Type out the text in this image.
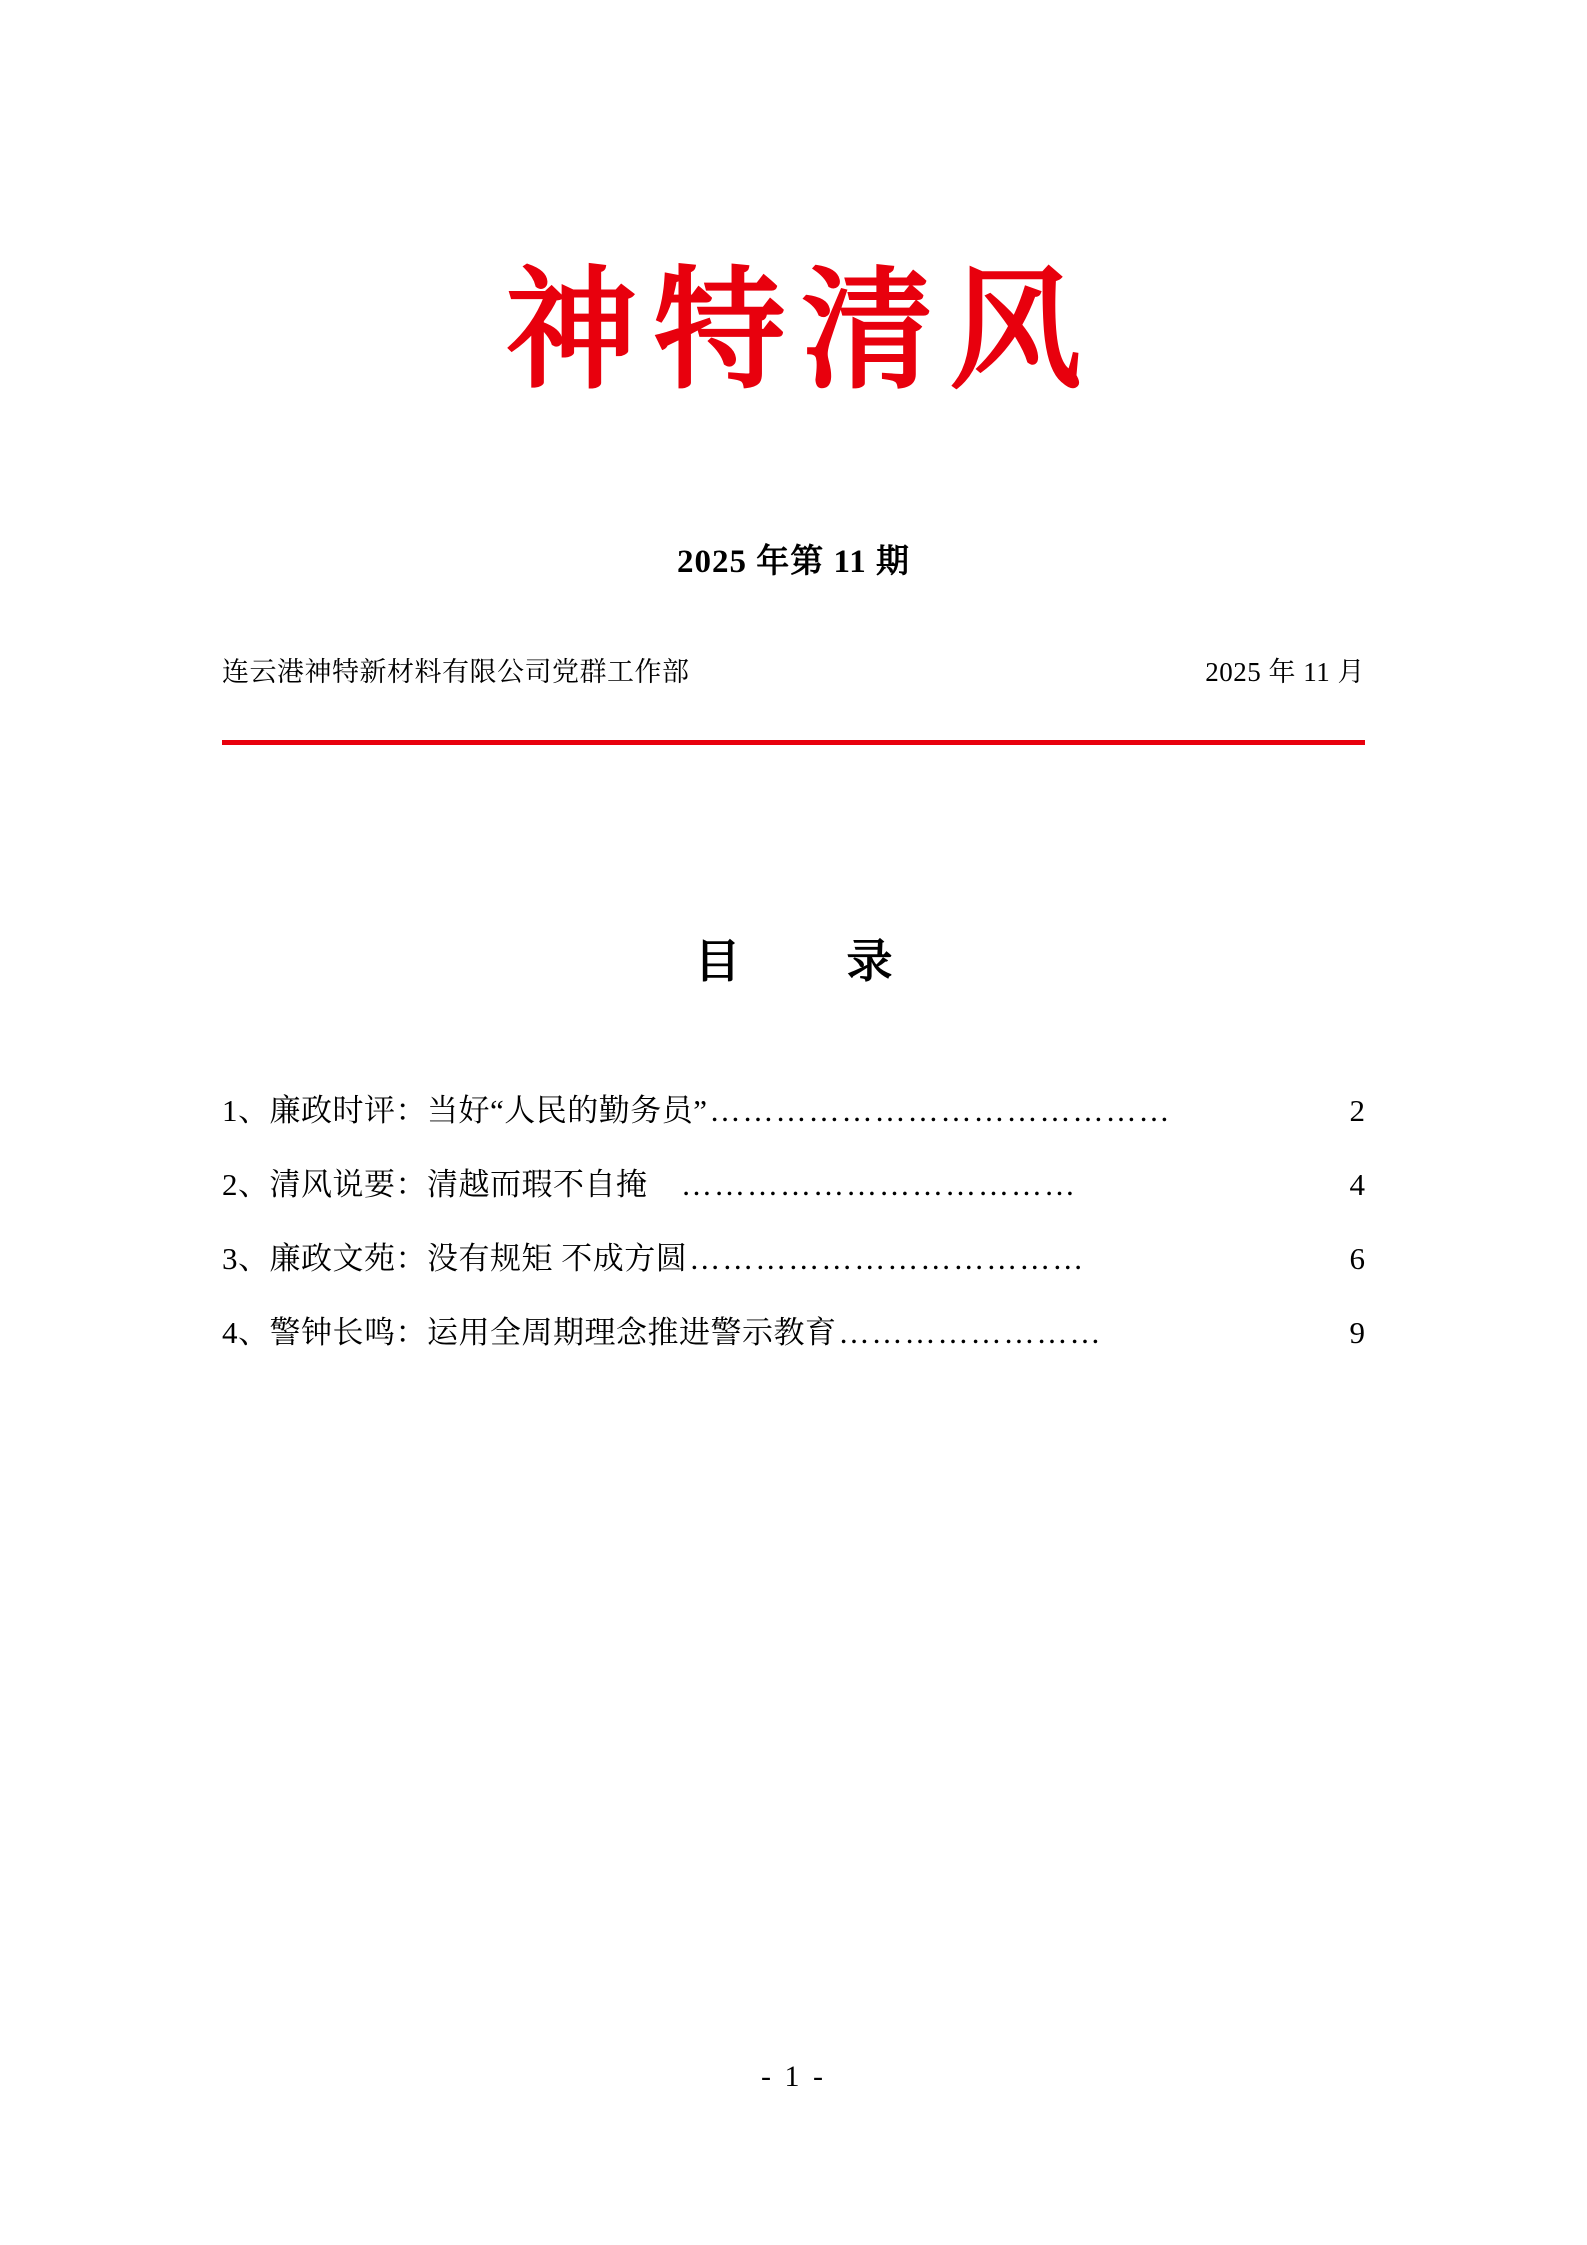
神特清风
2025 年第 11 期
连云港神特新材料有限公司党群工作部	2025 年 11 月
目　录
1、廉政时评：当好“人民的勤务员” ……………………………………	2
2、清风说要：清越而瑕不自掩　 ………………………………	4
3、廉政文苑：没有规矩 不成方圆 ………………………………	6
4、警钟长鸣：运用全周期理念推进警示教育 ……………………	9
- 1 -
